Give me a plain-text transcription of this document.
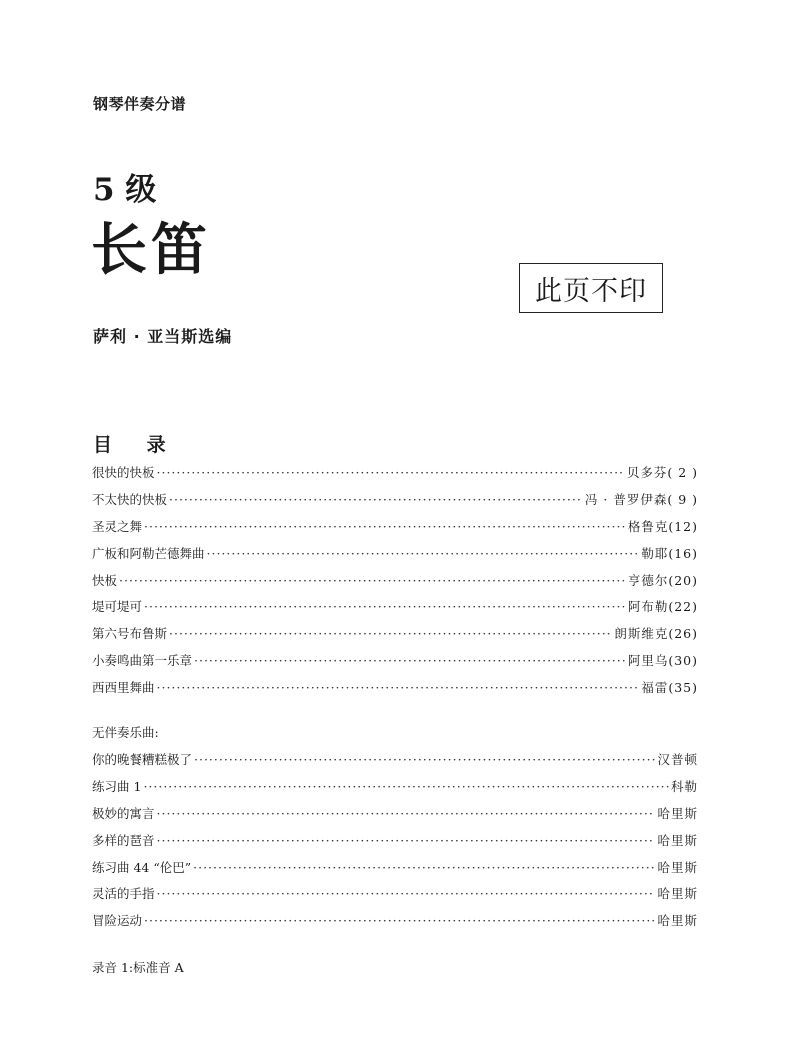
钢琴伴奏分谱
5 级
长笛
此页不印
萨利 · 亚当斯选编
目 录
很快的快板 ·····	贝多芬( 2 )
不太快的快板 ·····	冯 · 普罗伊森( 9 )
圣灵之舞 ·····	格鲁克(12)
广板和阿勒芒德舞曲 ·····	勒耶(16)
快板 ·····	亨德尔(20)
堤可堤可 ·····	阿布勒(22)
第六号布鲁斯 ·····	朗斯维克(26)
小奏鸣曲第一乐章 ·····	阿里乌(30)
西西里舞曲 ·····	福雷(35)
无伴奏乐曲:
你的晚餐糟糕极了 ·····	汉普顿
练习曲 1 ·····	科勒
极妙的寓言 ·····	哈里斯
多样的琶音 ·····	哈里斯
练习曲 44 “伦巴” ·····	哈里斯
灵活的手指 ·····	哈里斯
冒险运动 ·····	哈里斯
录音 1:标准音 A
